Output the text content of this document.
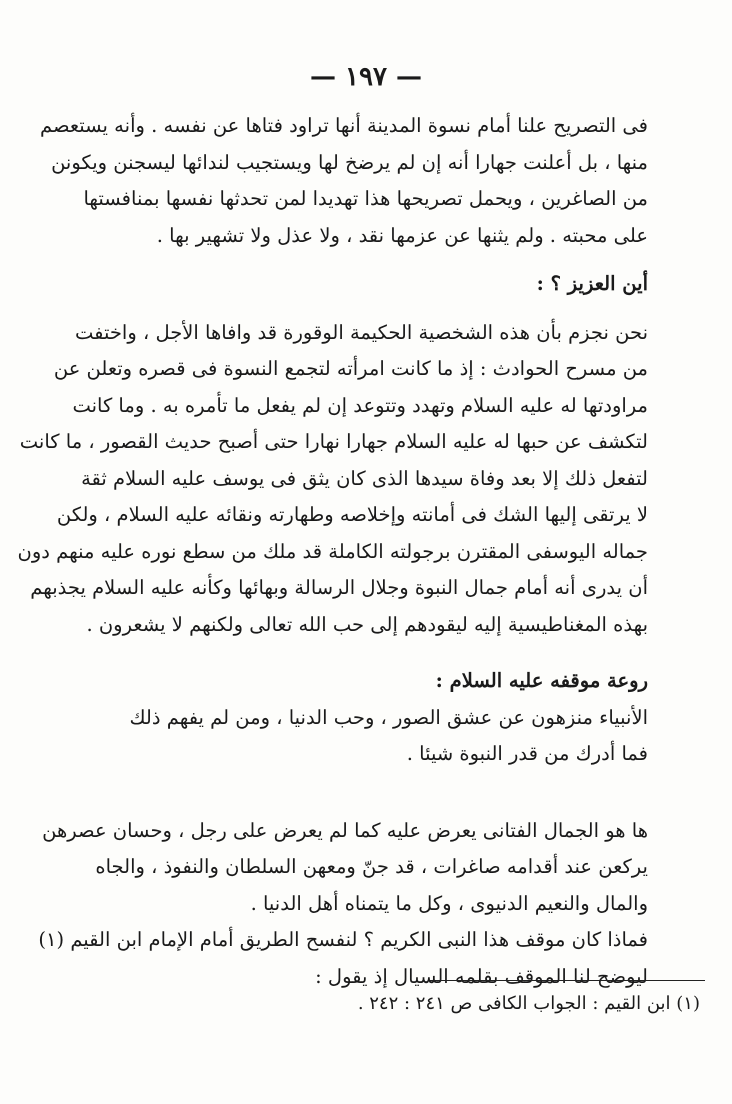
— ١٩٧ —

فى التصريح علنا أمام نسوة المدينة أنها تراود فتاها عن نفسه . وأنه يستعصم
منها ، بل أعلنت جهارا أنه إن لم يرضخ لها ويستجيب لندائها ليسجنن ويكونن
من الصاغرين ، ويحمل تصريحها هذا تهديدا لمن تحدثها نفسها بمنافستها
على محبته . ولم يثنها عن عزمها نقد ، ولا عذل ولا تشهير بها .

أين العزيز ؟ :

نحن نجزم بأن هذه الشخصية الحكيمة الوقورة قد وافاها الأجل ، واختفت
من مسرح الحوادث : إذ ما كانت امرأته لتجمع النسوة فى قصره وتعلن عن
مراودتها له عليه السلام وتهدد وتتوعد إن لم يفعل ما تأمره به . وما كانت
لتكشف عن حبها له عليه السلام جهارا نهارا حتى أصبح حديث القصور ، ما كانت
لتفعل ذلك إلا بعد وفاة سيدها الذى كان يثق فى يوسف عليه السلام ثقة
لا يرتقى إليها الشك فى أمانته وإخلاصه وطهارته ونقائه عليه السلام ، ولكن
جماله اليوسفى المقترن برجولته الكاملة قد ملك من سطع نوره عليه منهم دون
أن يدرى أنه أمام جمال النبوة وجلال الرسالة وبهائها وكأنه عليه السلام يجذبهم
بهذه المغناطيسية إليه ليقودهم إلى حب الله تعالى ولكنهم لا يشعرون .

روعة موقفه عليه السلام :

الأنبياء منزهون عن عشق الصور ، وحب الدنيا ، ومن لم يفهم ذلك
فما أدرك من قدر النبوة شيئا .

ها هو الجمال الفتانى يعرض عليه كما لم يعرض على رجل ، وحسان عصرهن
يركعن عند أقدامه صاغرات ، قد جنّ ومعهن السلطان والنفوذ ، والجاه
والمال والنعيم الدنيوى ، وكل ما يتمناه أهل الدنيا .

فماذا كان موقف هذا النبى الكريم ؟ لنفسح الطريق أمام الإمام ابن القيم (١)
ليوضح لنا الموقف بقلمه السيال إذ يقول :

(١) ابن القيم : الجواب الكافى ص ٢٤١ : ٢٤٢ .
